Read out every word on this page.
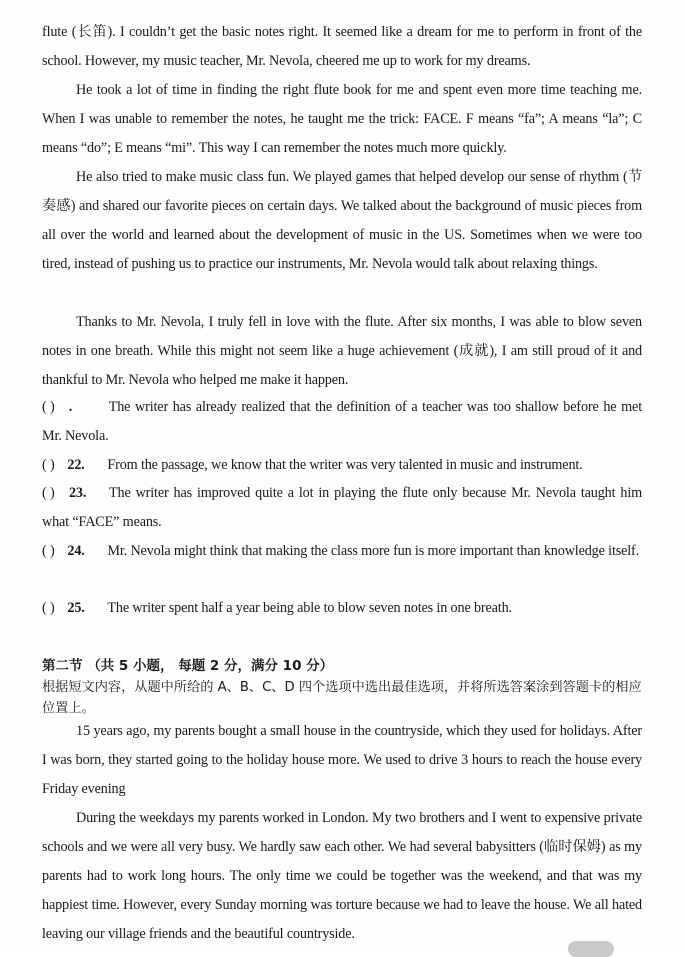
flute (长笛). I couldn’t get the basic notes right. It seemed like a dream for me to perform in front of the school. However, my music teacher, Mr. Nevola, cheered me up to work for my dreams.

He took a lot of time in finding the right flute book for me and spent even more time teaching me. When I was unable to remember the notes, he taught me the trick: FACE. F means “fa”; A means “la”; C means “do”; E means “mi”. This way I can remember the notes much more quickly.

He also tried to make music class fun. We played games that helped develop our sense of rhythm (节奏感) and shared our favorite pieces on certain days. We talked about the background of music pieces from all over the world and learned about the development of music in the US. Sometimes when we were too tired, instead of pushing us to practice our instruments, Mr. Nevola would talk about relaxing things.

Thanks to Mr. Nevola, I truly fell in love with the flute. After six months, I was able to blow seven notes in one breath. While this might not seem like a huge achievement (成就), I am still proud of it and thankful to Mr. Nevola who helped me make it happen.

( ) .	The writer has already realized that the definition of a teacher was too shallow before he met Mr. Nevola.

( ) 22. From the passage, we know that the writer was very talented in music and instrument.

( ) 23. The writer has improved quite a lot in playing the flute only because Mr. Nevola taught him what “FACE” means.

( ) 24. Mr. Nevola might think that making the class more fun is more important than knowledge itself.

( ) 25. The writer spent half a year being able to blow seven notes in one breath.

第二节 （共 5 小题， 每题 2 分，满分 10 分）

根据短文内容，从题中所给的 A、B、C、D 四个选项中选出最佳选项，并将所选答案涂到答题卡的相应位置上。

15 years ago, my parents bought a small house in the countryside, which they used for holidays. After I was born, they started going to the holiday house more. We used to drive 3 hours to reach the house every Friday evening

During the weekdays my parents worked in London. My two brothers and I went to expensive private schools and we were all very busy. We hardly saw each other. We had several babysitters (临时保姆) as my parents had to work long hours. The only time we could be together was the weekend, and that was my happiest time. However, every Sunday morning was torture because we had to leave the house. We all hated leaving our village friends and the beautiful countryside.
